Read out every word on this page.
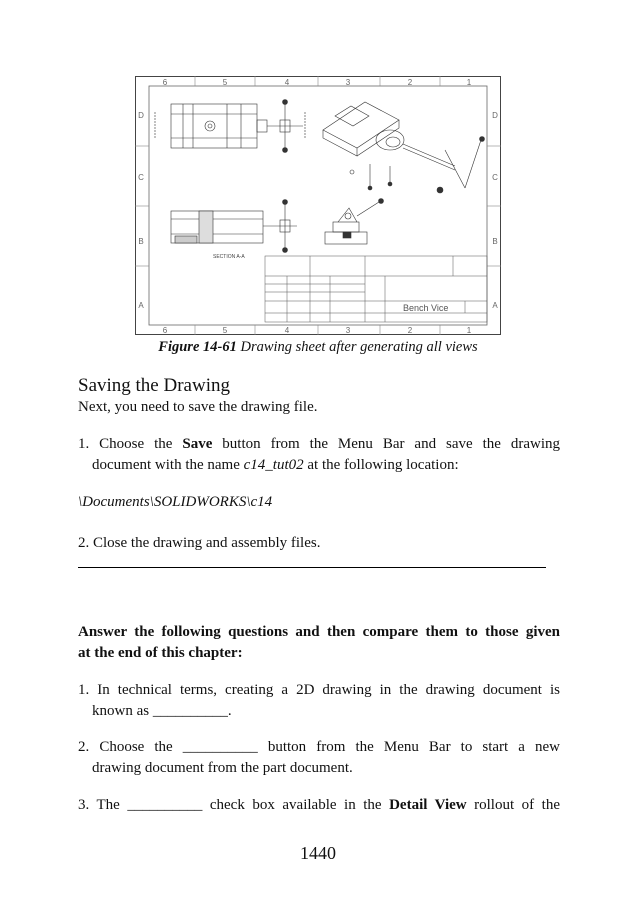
6	5	4	3	2	1
6	5	4	3	2	1
D
C
B
A
D
C
B
A
SECTION A-A
Bench Vice
Figure 14-61 Drawing sheet after generating all views
Saving the Drawing
Next, you need to save the drawing file.
1. Choose the Save button from the Menu Bar and save the drawing
document with the name c14_tut02 at the following location:
\Documents\SOLIDWORKS\c14
2. Close the drawing and assembly files.
Answer the following questions and then compare them to those given
at the end of this chapter:
1. In technical terms, creating a 2D drawing in the drawing document is
known as __________.
2. Choose the __________ button from the Menu Bar to start a new
drawing document from the part document.
3. The __________ check box available in the Detail View rollout of the
1440
